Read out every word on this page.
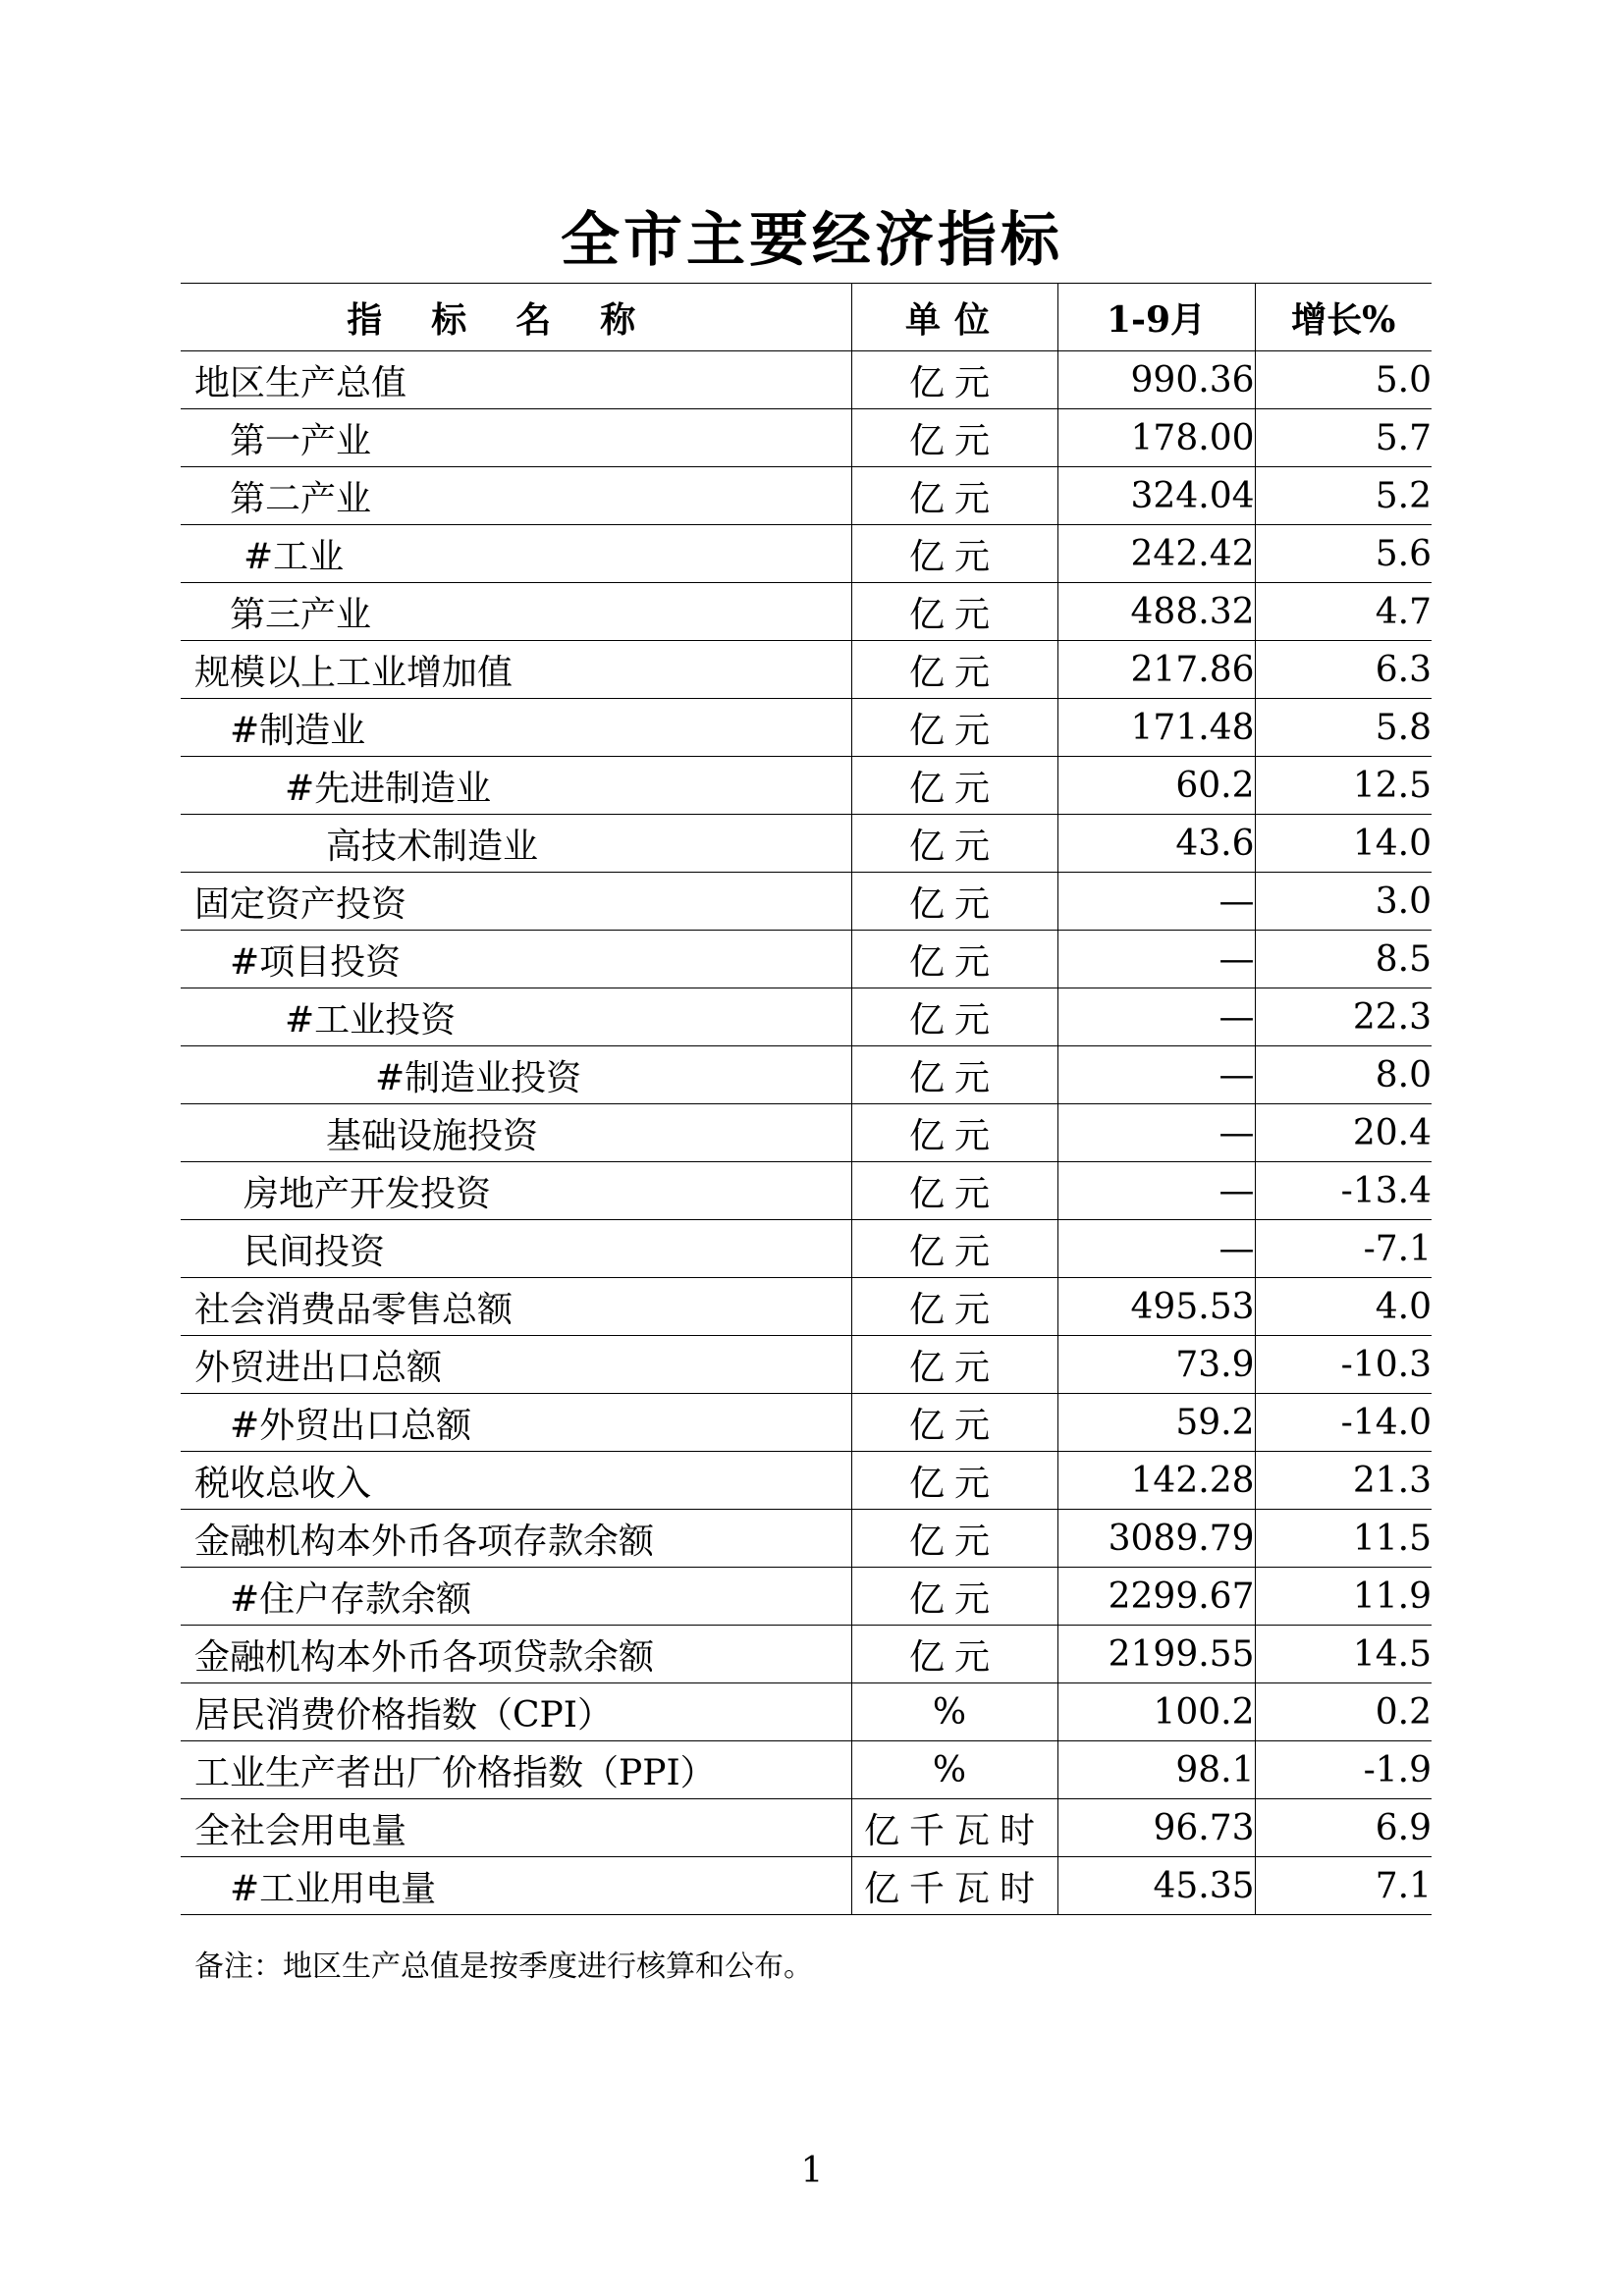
全市主要经济指标
指标名称	单位	1-9月	增长%
地区生产总值	亿元	990.36	5.0
第一产业	亿元	178.00	5.7
第二产业	亿元	324.04	5.2
#工业	亿元	242.42	5.6
第三产业	亿元	488.32	4.7
规模以上工业增加值	亿元	217.86	6.3
#制造业	亿元	171.48	5.8
#先进制造业	亿元	60.2	12.5
高技术制造业	亿元	43.6	14.0
固定资产投资	亿元	—	3.0
#项目投资	亿元	—	8.5
#工业投资	亿元	—	22.3
#制造业投资	亿元	—	8.0
基础设施投资	亿元	—	20.4
房地产开发投资	亿元	—	-13.4
民间投资	亿元	—	-7.1
社会消费品零售总额	亿元	495.53	4.0
外贸进出口总额	亿元	73.9	-10.3
#外贸出口总额	亿元	59.2	-14.0
税收总收入	亿元	142.28	21.3
金融机构本外币各项存款余额	亿元	3089.79	11.5
#住户存款余额	亿元	2299.67	11.9
金融机构本外币各项贷款余额	亿元	2199.55	14.5
居民消费价格指数（CPI）	%	100.2	0.2
工业生产者出厂价格指数（PPI）	%	98.1	-1.9
全社会用电量	亿千瓦时	96.73	6.9
#工业用电量	亿千瓦时	45.35	7.1
备注：地区生产总值是按季度进行核算和公布。
1
